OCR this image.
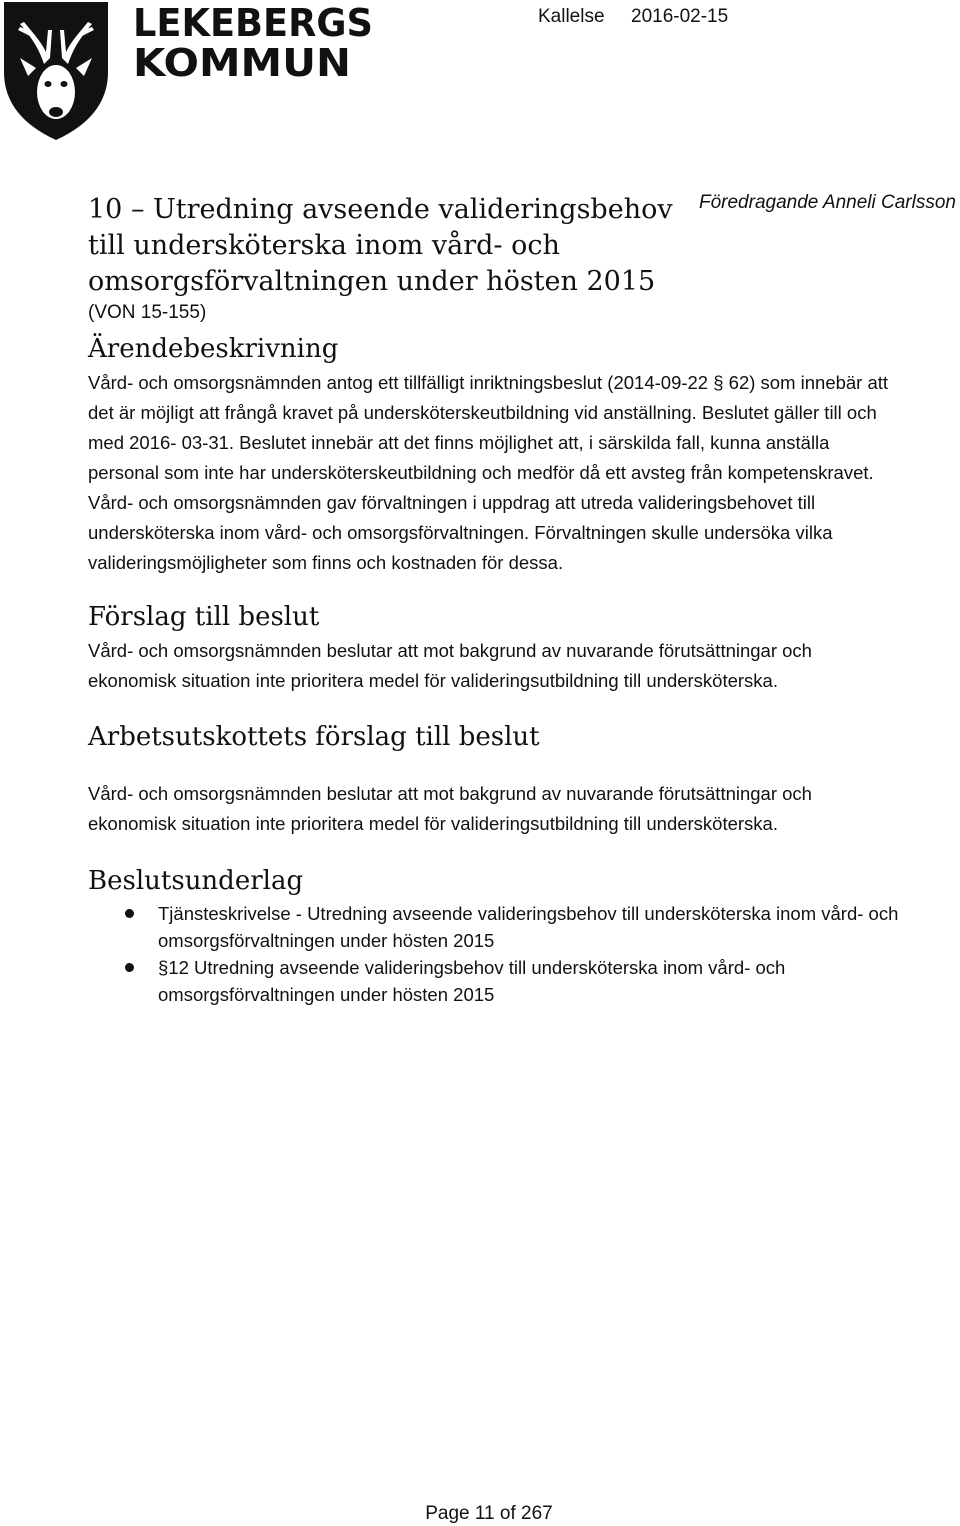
LEKEBERGS
KOMMUN
Kallelse 2016-02-15
10 – Utredning avseende valideringsbehov
till undersköterska inom vård- och
omsorgsförvaltningen under hösten 2015
Föredragande Anneli Carlsson
(VON 15-155)
Ärendebeskrivning

Vård- och omsorgsnämnden antog ett tillfälligt inriktningsbeslut (2014-09-22 § 62) som innebär att
det är möjligt att frångå kravet på undersköterskeutbildning vid anställning. Beslutet gäller till och
med 2016- 03-31. Beslutet innebär att det finns möjlighet att, i särskilda fall, kunna anställa
personal som inte har undersköterskeutbildning och medför då ett avsteg från kompetenskravet.
Vård- och omsorgsnämnden gav förvaltningen i uppdrag att utreda valideringsbehovet till
undersköterska inom vård- och omsorgsförvaltningen. Förvaltningen skulle undersöka vilka
valideringsmöjligheter som finns och kostnaden för dessa.

Förslag till beslut

Vård- och omsorgsnämnden beslutar att mot bakgrund av nuvarande förutsättningar och
ekonomisk situation inte prioritera medel för valideringsutbildning till undersköterska.

Arbetsutskottets förslag till beslut

Vård- och omsorgsnämnden beslutar att mot bakgrund av nuvarande förutsättningar och
ekonomisk situation inte prioritera medel för valideringsutbildning till undersköterska.

Beslutsunderlag
Tjänsteskrivelse - Utredning avseende valideringsbehov till undersköterska inom vård- och
omsorgsförvaltningen under hösten 2015
§12 Utredning avseende valideringsbehov till undersköterska inom vård- och
omsorgsförvaltningen under hösten 2015
Page 11 of 267
